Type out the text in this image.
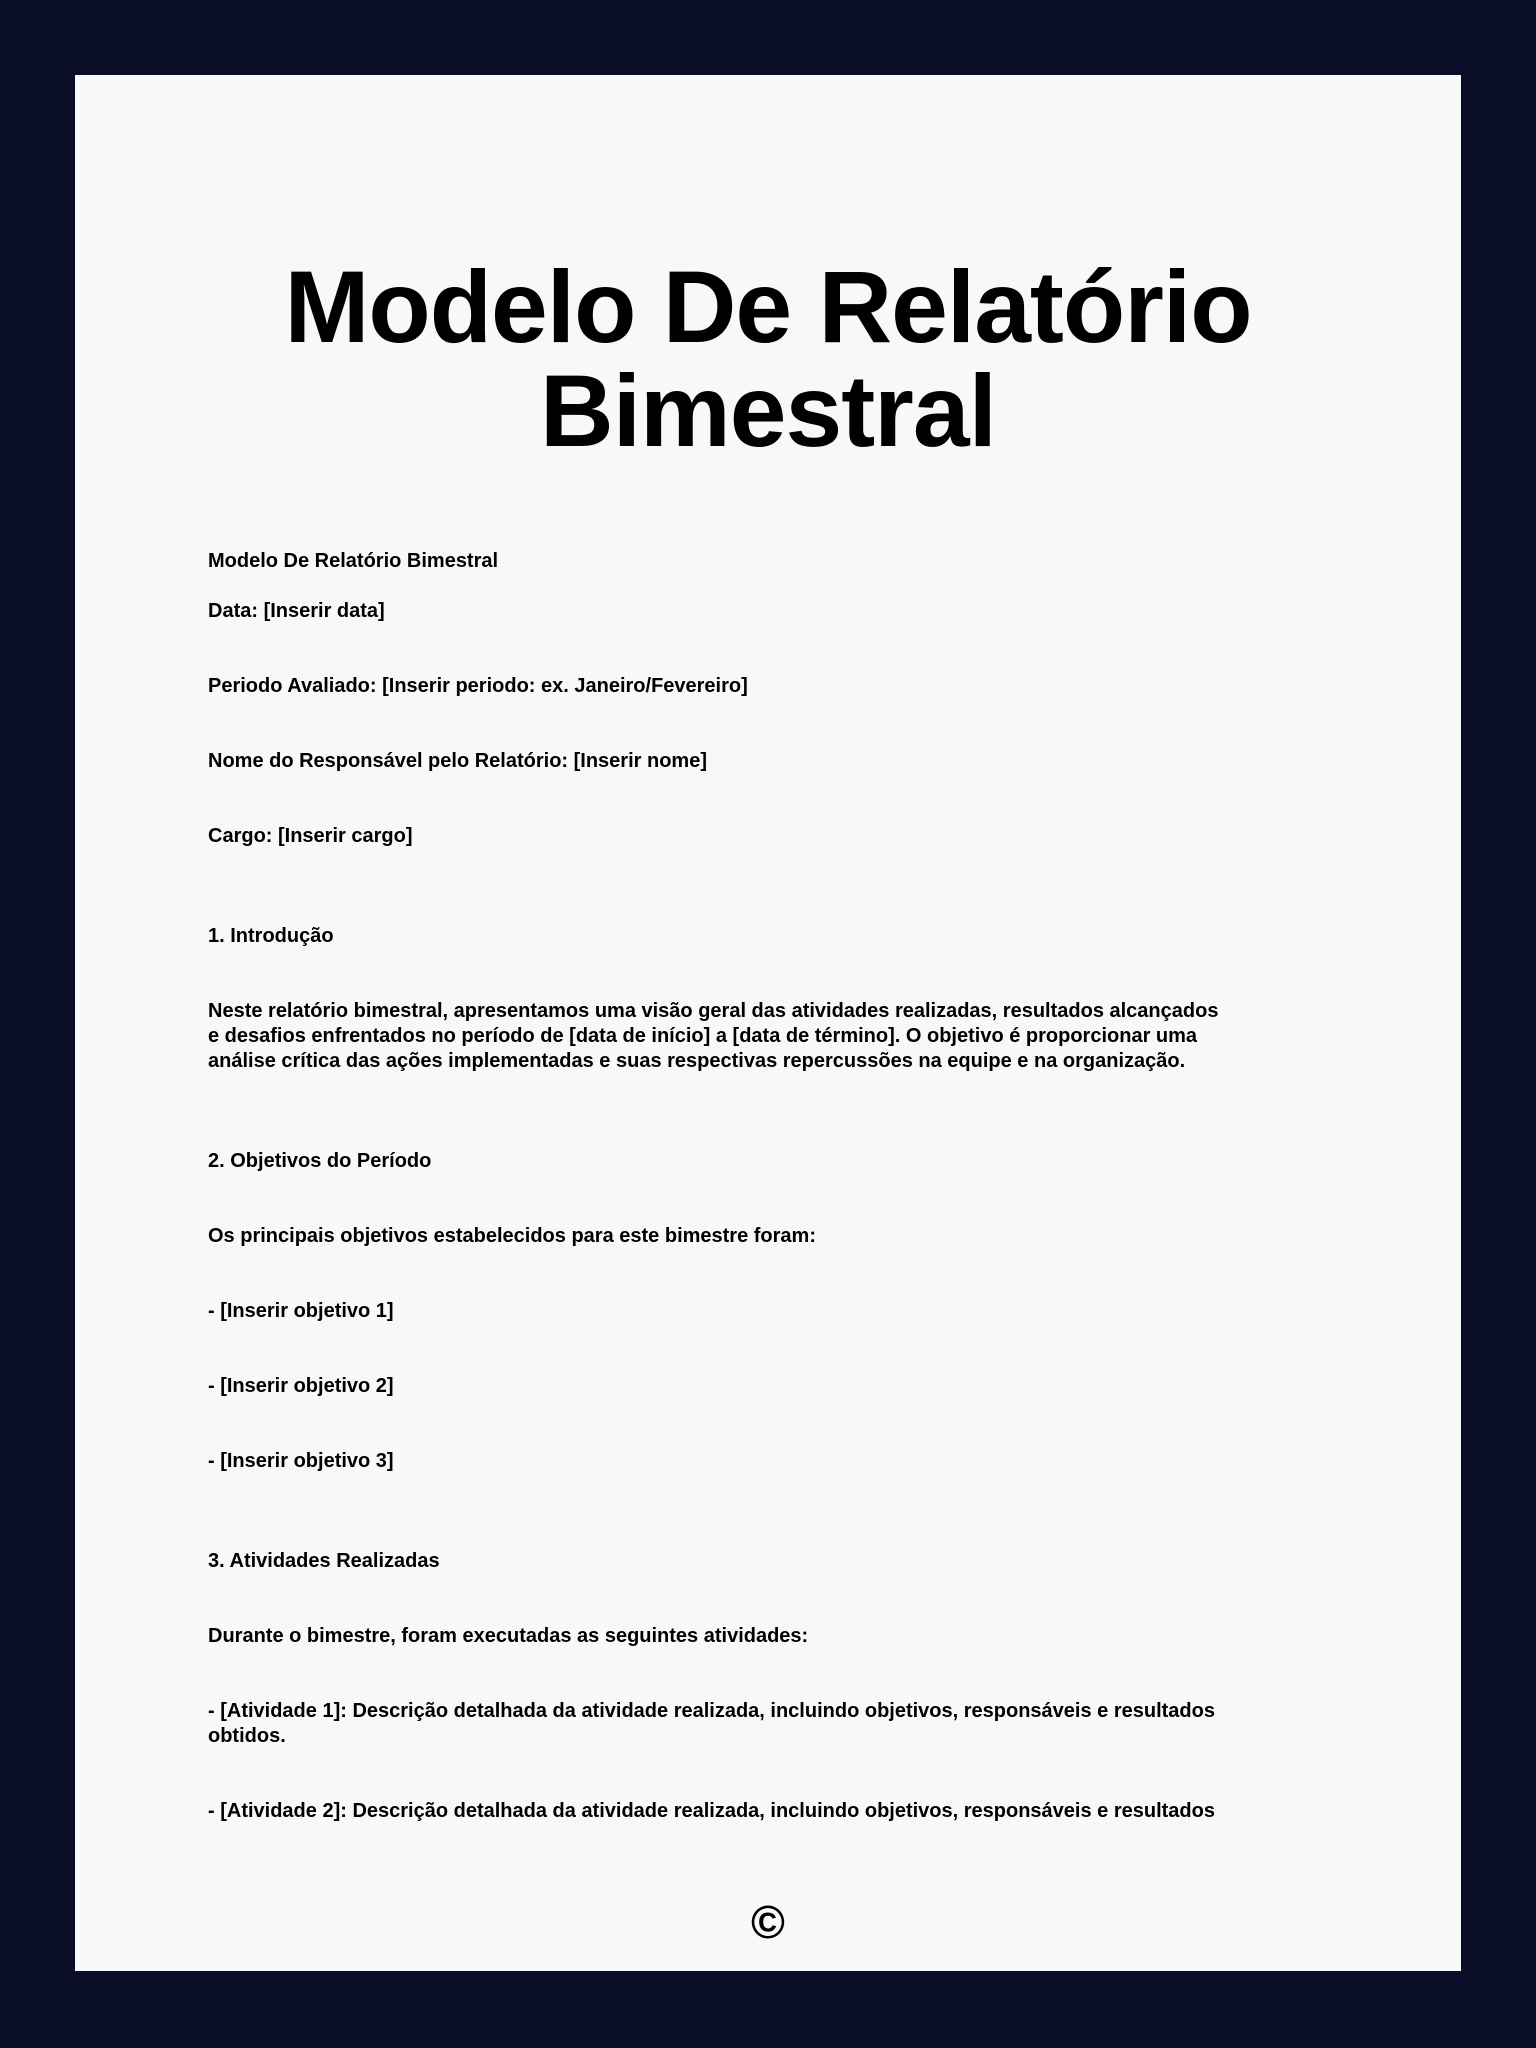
Modelo De Relatório Bimestral

Modelo De Relatório Bimestral

Data: [Inserir data]

Periodo Avaliado: [Inserir periodo: ex. Janeiro/Fevereiro]

Nome do Responsável pelo Relatório: [Inserir nome]

Cargo: [Inserir cargo]

1. Introdução

Neste relatório bimestral, apresentamos uma visão geral das atividades realizadas, resultados alcançados

e desafios enfrentados no período de [data de início] a [data de término]. O objetivo é proporcionar uma

análise crítica das ações implementadas e suas respectivas repercussões na equipe e na organização.

2. Objetivos do Período

Os principais objetivos estabelecidos para este bimestre foram:

- [Inserir objetivo 1]

- [Inserir objetivo 2]

- [Inserir objetivo 3]

3. Atividades Realizadas

Durante o bimestre, foram executadas as seguintes atividades:

- [Atividade 1]: Descrição detalhada da atividade realizada, incluindo objetivos, responsáveis e resultados

obtidos.

- [Atividade 2]: Descrição detalhada da atividade realizada, incluindo objetivos, responsáveis e resultados

©
